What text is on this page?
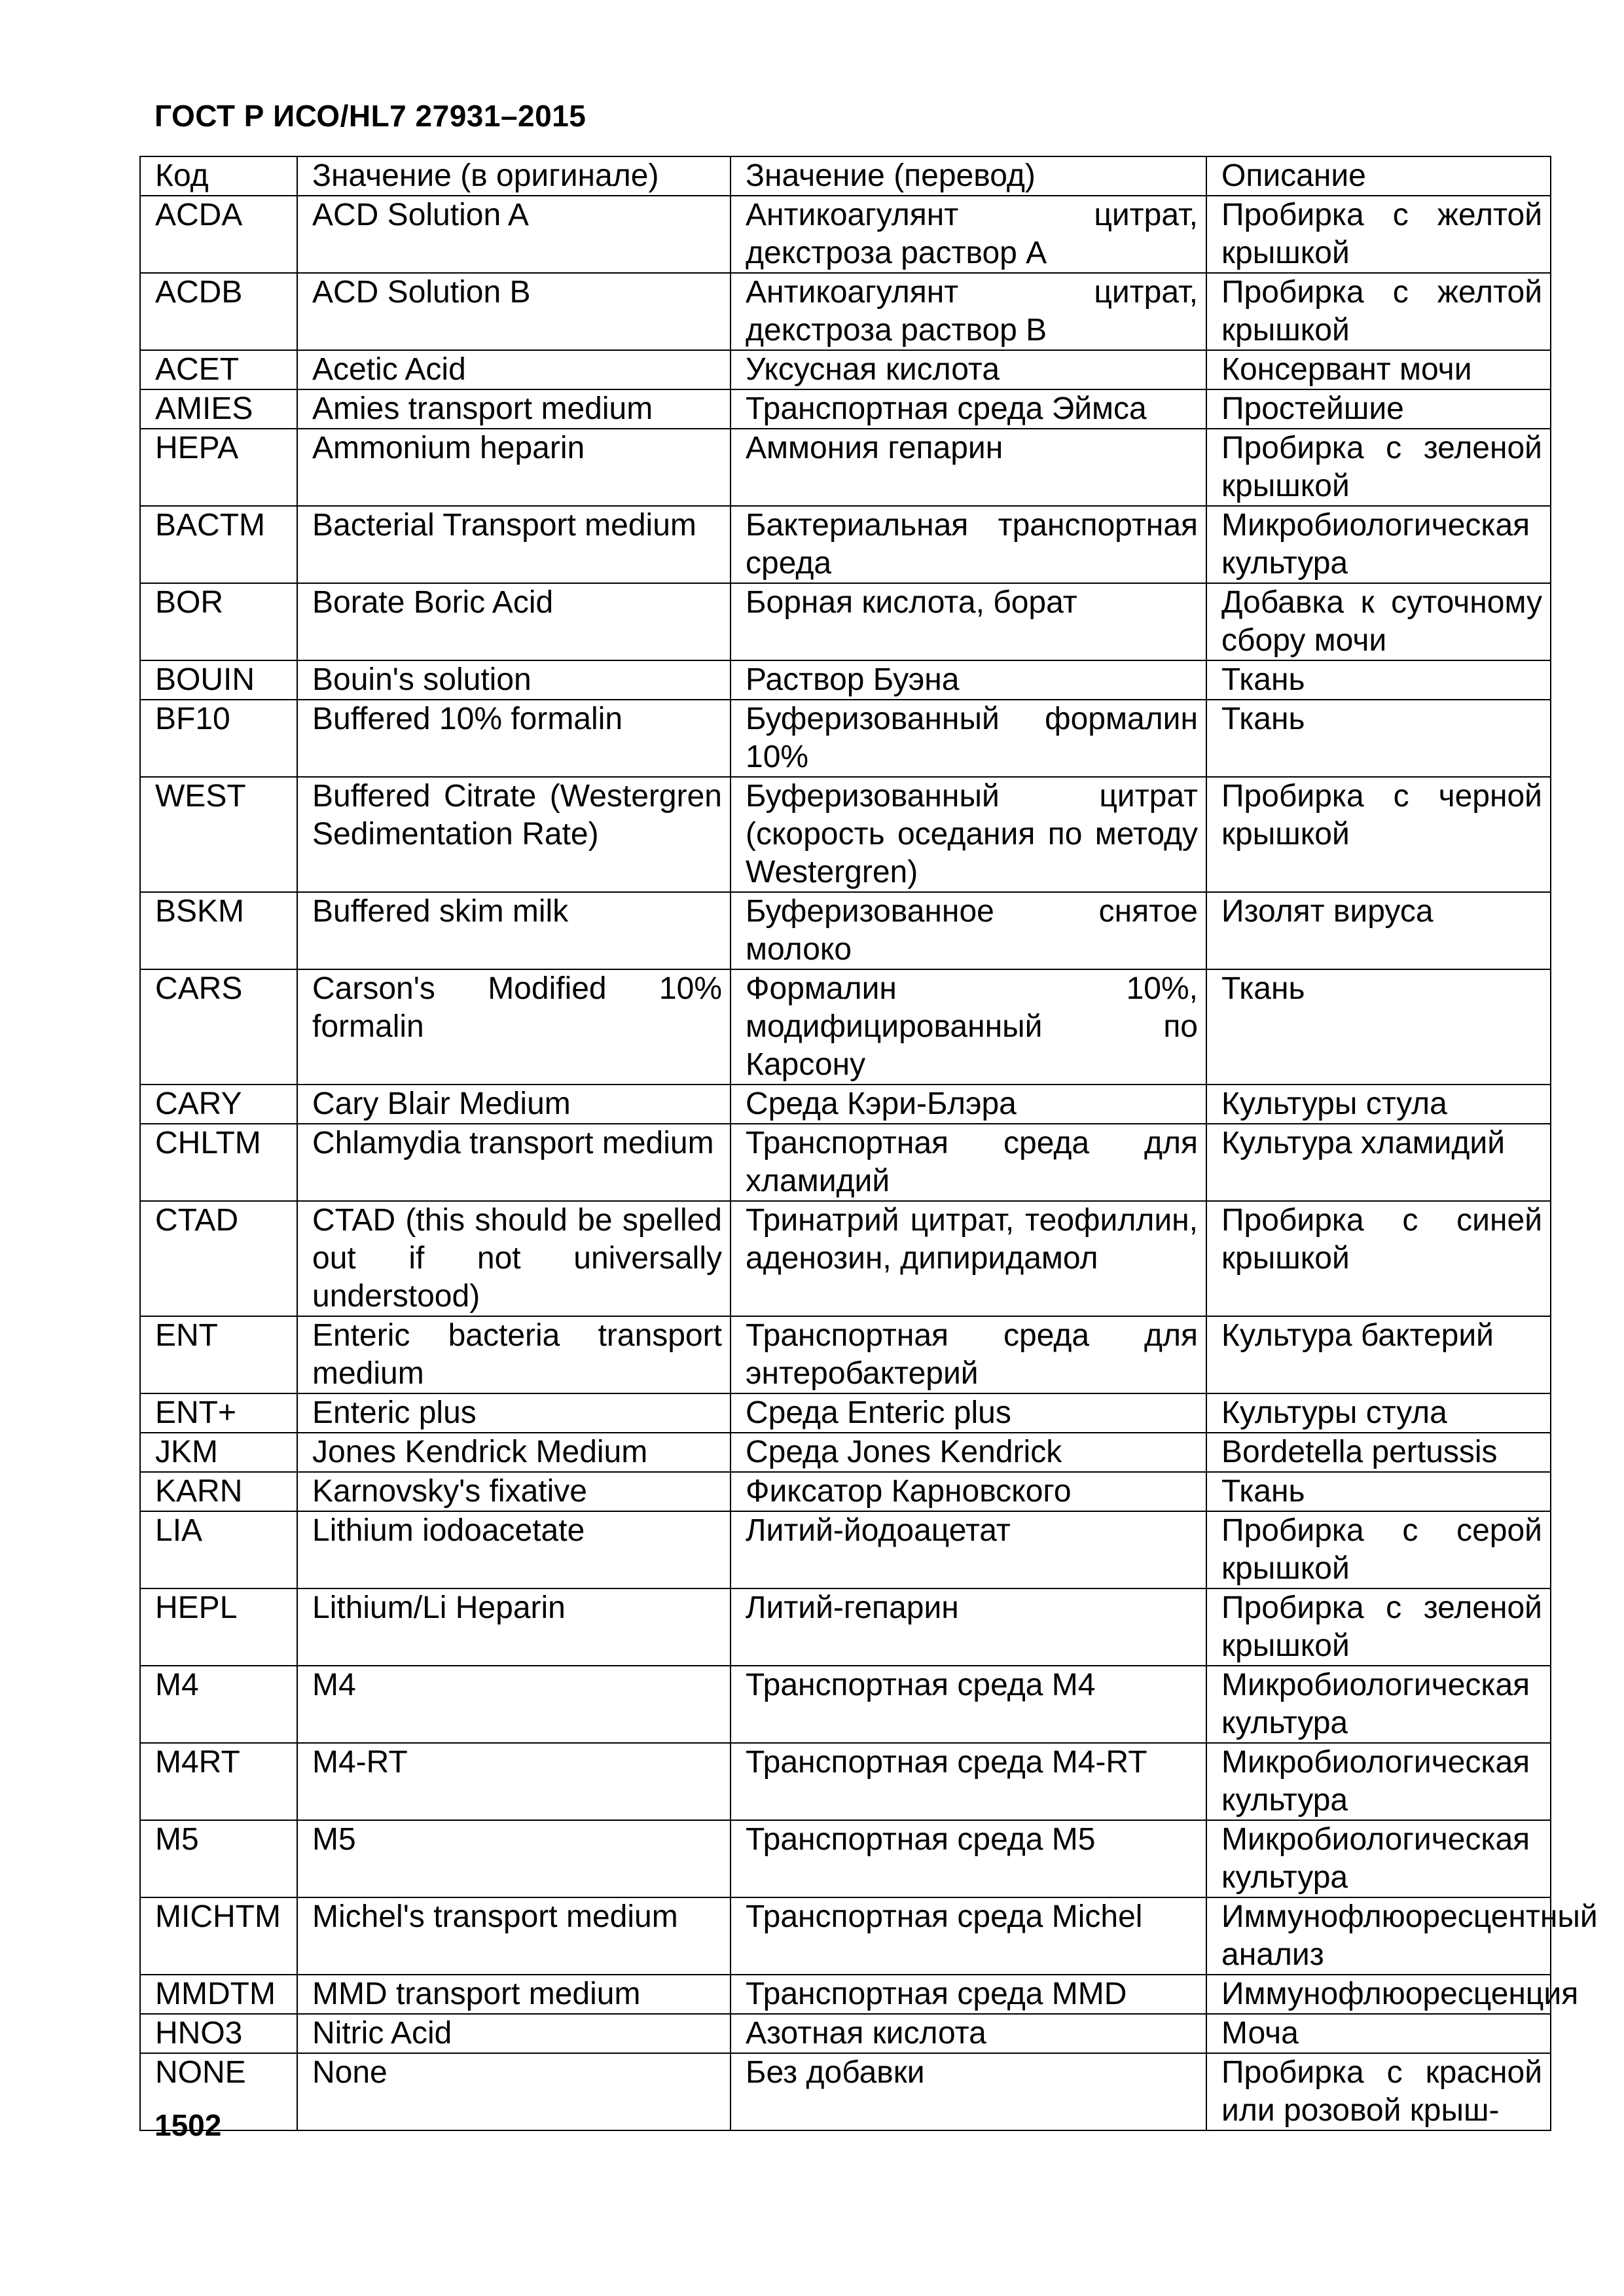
ГОСТ Р ИСО/HL7 27931–2015
Код	Значение (в оригинале)	Значение (перевод)	Описание
ACDA	ACD Solution A	Антикоагулянт цитрат, декстроза раствор А	Пробирка с желтой крышкой
ACDB	ACD Solution B	Антикоагулянт цитрат, декстроза раствор В	Пробирка с желтой крышкой
ACET	Acetic Acid	Уксусная кислота	Консервант мочи
AMIES	Amies transport medium	Транспортная среда Эймса	Простейшие
HEPA	Ammonium heparin	Аммония гепарин	Пробирка с зеленой крышкой
BACTM	Bacterial Transport medium	Бактериальная транспортная среда	Микробиологическая культура
BOR	Borate Boric Acid	Борная кислота, борат	Добавка к суточному сбору мочи
BOUIN	Bouin's solution	Раствор Буэна	Ткань
BF10	Buffered 10% formalin	Буферизованный формалин 10%	Ткань
WEST	Buffered Citrate (Westergren Sedimentation Rate)	Буферизованный цитрат (скорость оседания по методу Westergren)	Пробирка с черной крышкой
BSKM	Buffered skim milk	Буферизованное снятое молоко	Изолят вируса
CARS	Carson's Modified 10% formalin	Формалин 10%, модифицированный по Карсону	Ткань
CARY	Cary Blair Medium	Среда Кэри-Блэра	Культуры стула
CHLTM	Chlamydia transport medium	Транспортная среда для хламидий	Культура хламидий
CTAD	CTAD (this should be spelled out if not universally understood)	Тринатрий цитрат, теофиллин, аденозин, дипиридамол	Пробирка с синей крышкой
ENT	Enteric bacteria transport medium	Транспортная среда для энтеробактерий	Культура бактерий
ENT+	Enteric plus	Среда Enteric plus	Культуры стула
JKM	Jones Kendrick Medium	Среда Jones Kendrick	Bordetella pertussis
KARN	Karnovsky's fixative	Фиксатор Карновского	Ткань
LIA	Lithium iodoacetate	Литий-йодоацетат	Пробирка с серой крышкой
HEPL	Lithium/Li Heparin	Литий-гепарин	Пробирка с зеленой крышкой
M4	M4	Транспортная среда М4	Микробиологическая культура
M4RT	M4-RT	Транспортная среда М4-RT	Микробиологическая культура
M5	M5	Транспортная среда М5	Микробиологическая культура
MICHTM	Michel's transport medium	Транспортная среда Michel	Иммунофлюоресцентный анализ
MMDTM	MMD transport medium	Транспортная среда MMD	Иммунофлюоресценция
HNO3	Nitric Acid	Азотная кислота	Моча
NONE	None	Без добавки	Пробирка с красной или розовой крыш-
1502
